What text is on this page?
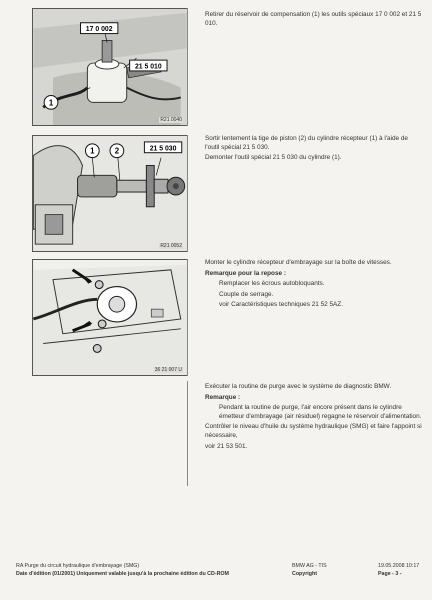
17 0 002
21 5 010
1
R21 0040

Retirer du réservoir de compensation (1) les outils spéciaux 17 0 002 et 21 5 010.

1	2	21 5 030
R21 0052

Sortir lentement la tige de piston (2) du cylindre récepteur (1) à l'aide de l'outil spécial 21 5 030.

Demonter l'outil spécial 21 5 030 du cylindre (1).

36 21 007 U

Monter le cylindre récepteur d'embrayage sur la boîte de vitesses.

Remarque pour la repose :

Remplacer les écrous autobloquants.

Couple de serrage.

voir Caractéristiques techniques 21 52 5AZ.

Exécuter la routine de purge avec le système de diagnostic BMW.

Remarque :

Pendant la routine de purge, l'air encore présent dans le cylindre émetteur d'embrayage (air résiduel) regagne le réservoir d'alimentation.

Contrôler le niveau d'huile du système hydraulique (SMG) et faire l'appoint si nécessaire,

voir 21 53 501.

RA Purge du circuit hydraulique d'embrayage (SMG)	BMW AG - TIS	19.05.2008 10:17
Date d'édition (01/2001) Uniquement valable jusqu'à la prochaine édition du CD-ROM	Copyright	Page - 3 -
